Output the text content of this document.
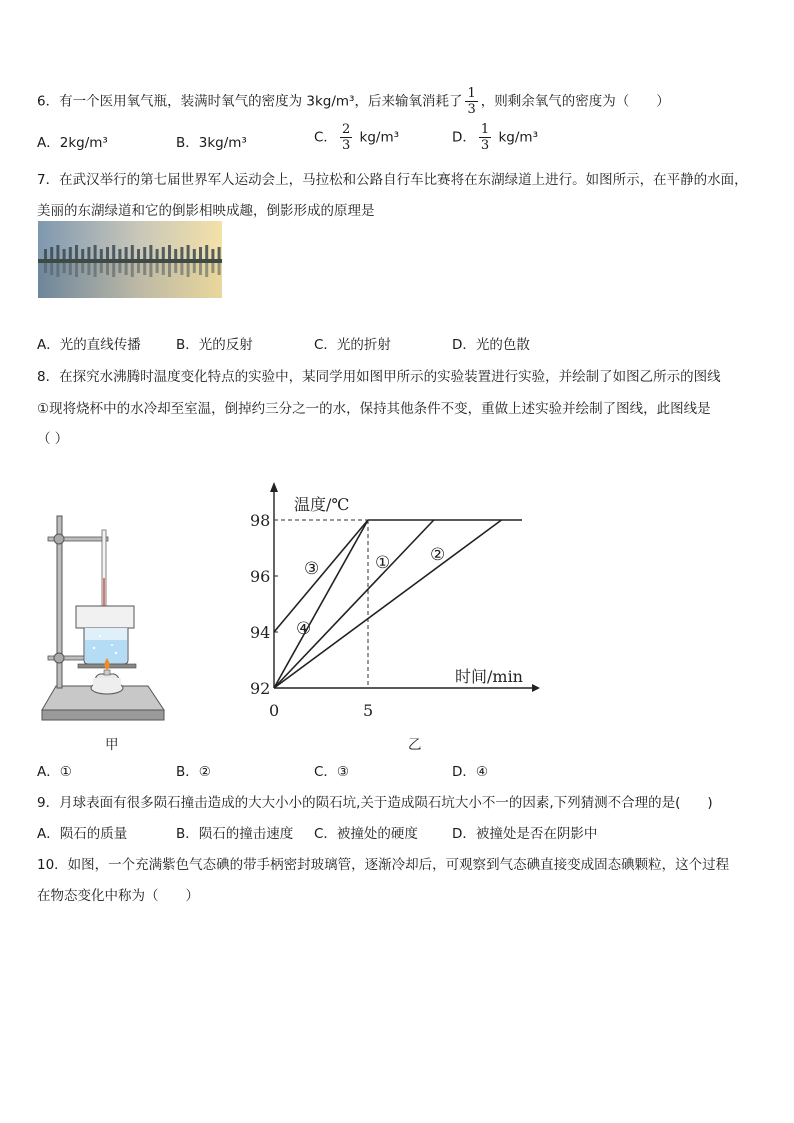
6．有一个医用氧气瓶，装满时氧气的密度为 3kg/m³，后来输氧消耗了 $\frac{1}{3}$ ，则剩余氧气的密度为（　　）
A．2kg/m³	B．3kg/m³	C． $\frac{2}{3} kg/m^3$	D． $\frac{1}{3} kg/m^3$
7．在武汉举行的第七届世界军人运动会上，马拉松和公路自行车比赛将在东湖绿道上进行。如图所示，在平静的水面，
美丽的东湖绿道和它的倒影相映成趣，倒影形成的原理是
A．光的直线传播	B．光的反射	C．光的折射	D．光的色散
8．在探究水沸腾时温度变化特点的实验中，某同学用如图甲所示的实验装置进行实验，并绘制了如图乙所示的图线
①现将烧杯中的水冷却至室温，倒掉约三分之一的水，保持其他条件不变，重做上述实验并绘制了图线，此图线是
（ ）
甲
温度/℃
时间/min
92
94
96
98
0	5
① ②
③
④
乙
A．①	B．②	C．③	D．④
9．月球表面有很多陨石撞击造成的大大小小的陨石坑,关于造成陨石坑大小不一的因素,下列猜测不合理的是(　　)
A．陨石的质量	B．陨石的撞击速度 C．被撞处的硬度	D．被撞处是否在阴影中
10．如图，一个充满紫色气态碘的带手柄密封玻璃管，逐渐冷却后，可观察到气态碘直接变成固态碘颗粒，这个过程
在物态变化中称为（　　）
